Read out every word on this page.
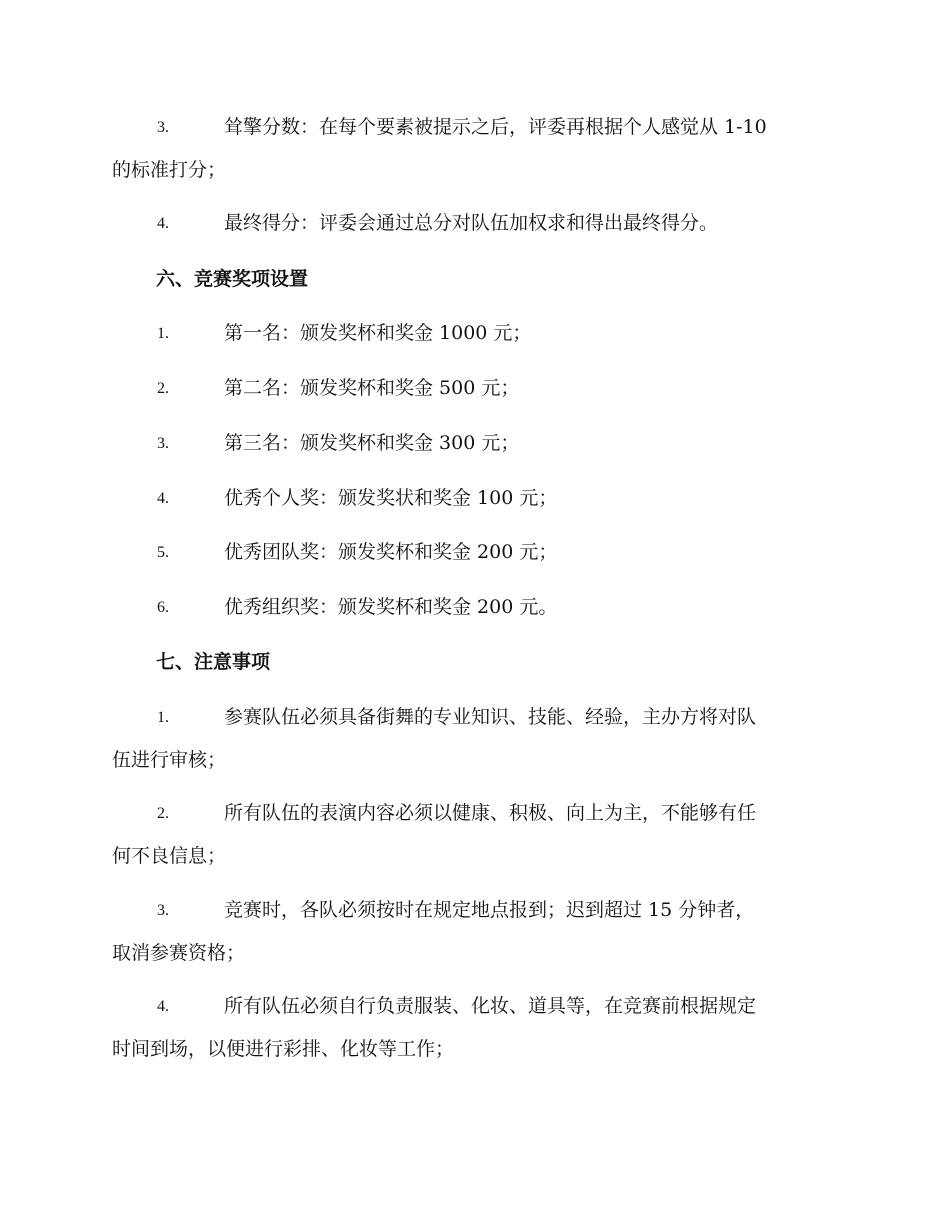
3.	耸擎分数：在每个要素被提示之后，评委再根据个人感觉从 1-10
的标准打分；
4.	最终得分：评委会通过总分对队伍加权求和得出最终得分。
六、竞赛奖项设置
1.	第一名：颁发奖杯和奖金 1000 元；
2.	第二名：颁发奖杯和奖金 500 元；
3.	第三名：颁发奖杯和奖金 300 元；
4.	优秀个人奖：颁发奖状和奖金 100 元；
5.	优秀团队奖：颁发奖杯和奖金 200 元；
6.	优秀组织奖：颁发奖杯和奖金 200 元。
七、注意事项
1.	参赛队伍必须具备街舞的专业知识、技能、经验，主办方将对队
伍进行审核；
2.	所有队伍的表演内容必须以健康、积极、向上为主，不能够有任
何不良信息；
3.	竞赛时，各队必须按时在规定地点报到；迟到超过 15 分钟者，
取消参赛资格；
4.	所有队伍必须自行负责服装、化妆、道具等，在竞赛前根据规定
时间到场，以便进行彩排、化妆等工作；
